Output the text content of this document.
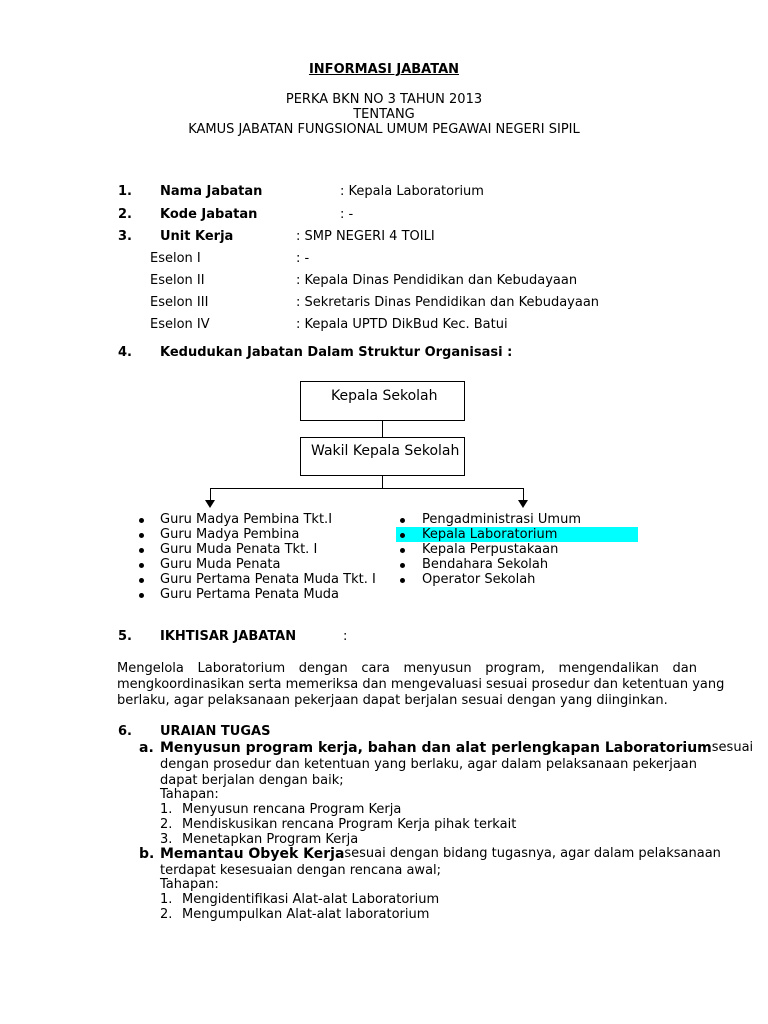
INFORMASI JABATAN
PERKA BKN NO 3 TAHUN 2013
TENTANG
KAMUS JABATAN FUNGSIONAL UMUM PEGAWAI NEGERI SIPIL
1. Nama Jabatan	: Kepala Laboratorium
2. Kode Jabatan	: -
3. Unit Kerja	: SMP NEGERI 4 TOILI
Eselon I	: -
Eselon II	: Kepala Dinas Pendidikan dan Kebudayaan
Eselon III	: Sekretaris Dinas Pendidikan dan Kebudayaan
Eselon IV	: Kepala UPTD DikBud Kec. Batui
4. Kedudukan Jabatan Dalam Struktur Organisasi :
Kepala Sekolah
Wakil Kepala Sekolah
Guru Madya Pembina Tkt.I
Guru Madya Pembina
Guru Muda Penata Tkt. I
Guru Muda Penata
Guru Pertama Penata Muda Tkt. I
Guru Pertama Penata Muda
Pengadministrasi Umum
Kepala Laboratorium
Kepala Perpustakaan
Bendahara Sekolah
Operator Sekolah
5. IKHTISAR JABATAN	:
Mengelola Laboratorium dengan cara menyusun program, mengendalikan dan
mengkoordinasikan serta memeriksa dan mengevaluasi sesuai prosedur dan ketentuan yang
berlaku, agar pelaksanaan pekerjaan dapat berjalan sesuai dengan yang diinginkan.
6. URAIAN TUGAS
a. Menyusun program kerja, bahan dan alat perlengkapan Laboratorium sesuai
dengan prosedur dan ketentuan yang berlaku, agar dalam pelaksanaan pekerjaan
dapat berjalan dengan baik;
Tahapan:
1. Menyusun rencana Program Kerja
2. Mendiskusikan rencana Program Kerja pihak terkait
3. Menetapkan Program Kerja
b. Memantau Obyek Kerja sesuai dengan bidang tugasnya, agar dalam pelaksanaan
terdapat kesesuaian dengan rencana awal;
Tahapan:
1. Mengidentifikasi Alat-alat Laboratorium
2. Mengumpulkan Alat-alat laboratorium
